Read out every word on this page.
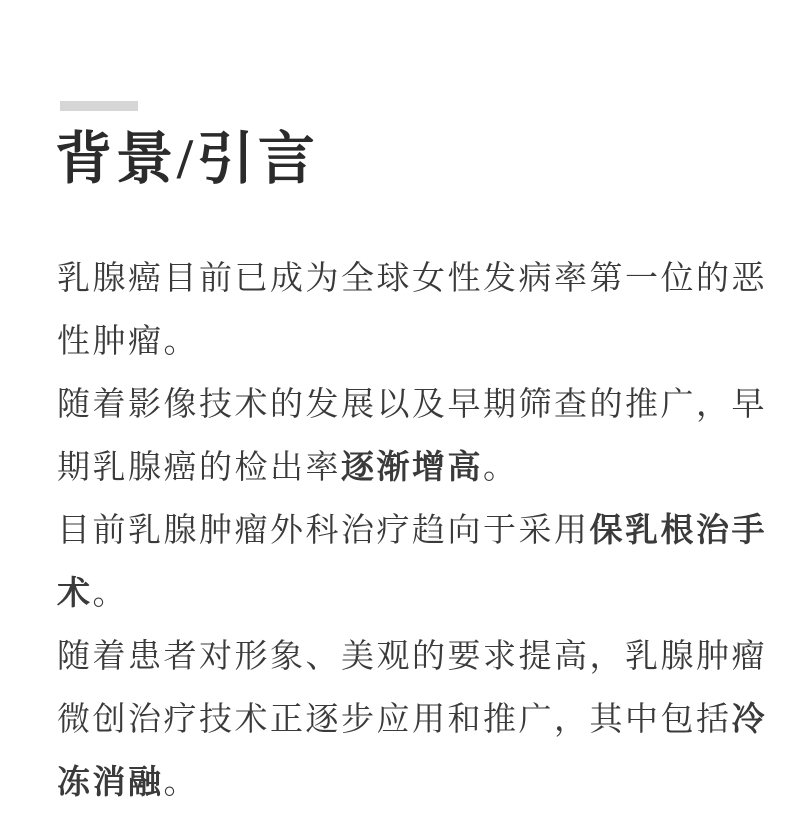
背景/引言

乳腺癌目前已成为全球女性发病率第一位的恶性肿瘤。

随着影像技术的发展以及早期筛查的推广，早期乳腺癌的检出率逐渐增高。

目前乳腺肿瘤外科治疗趋向于采用保乳根治手术。

随着患者对形象、美观的要求提高，乳腺肿瘤微创治疗技术正逐步应用和推广，其中包括冷冻消融。
